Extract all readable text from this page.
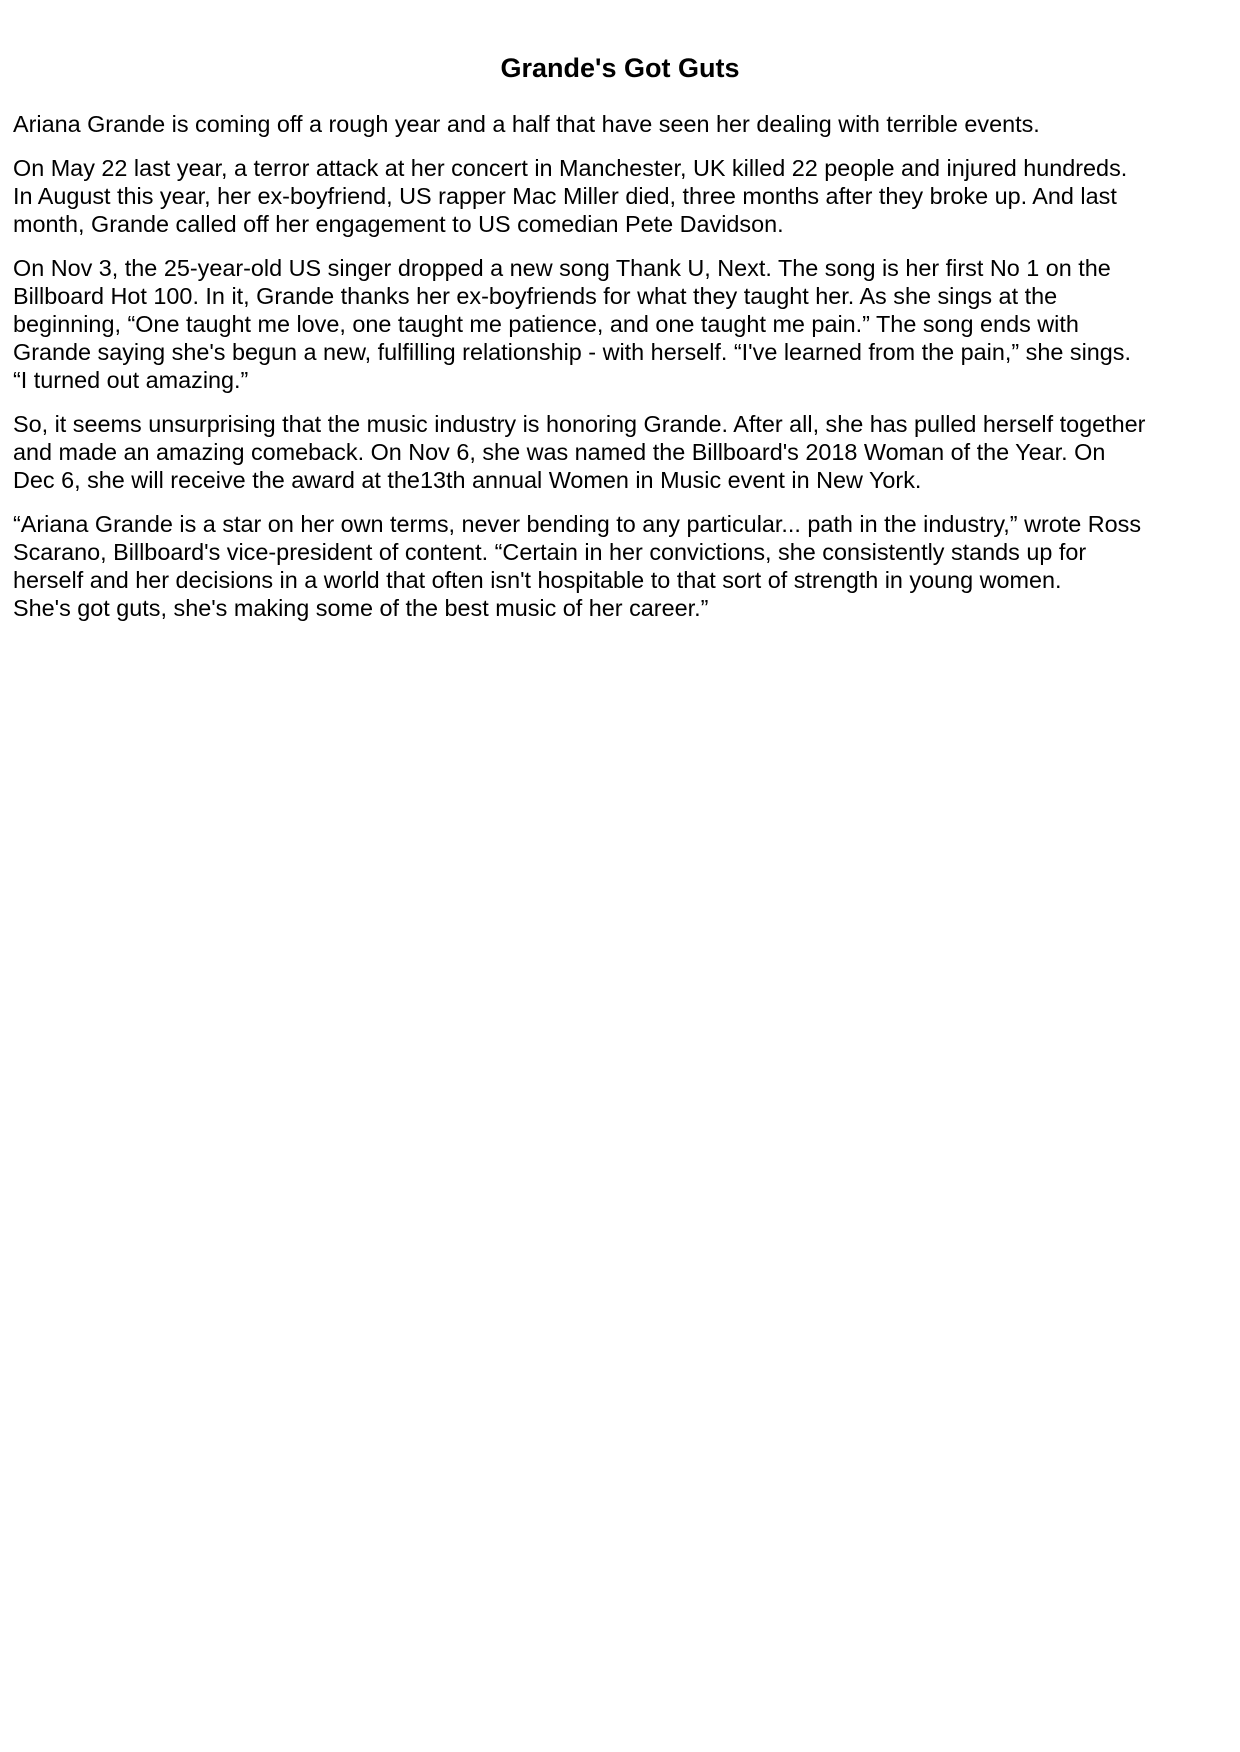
Grande's Got Guts

Ariana Grande is coming off a rough year and a half that have seen her dealing with terrible events.

On May 22 last year, a terror attack at her concert in Manchester, UK killed 22 people and injured hundreds.
In August this year, her ex-boyfriend, US rapper Mac Miller died, three months after they broke up. And last
month, Grande called off her engagement to US comedian Pete Davidson.

On Nov 3, the 25-year-old US singer dropped a new song Thank U, Next. The song is her first No 1 on the
Billboard Hot 100. In it, Grande thanks her ex-boyfriends for what they taught her. As she sings at the
beginning, “One taught me love, one taught me patience, and one taught me pain.” The song ends with
Grande saying she's begun a new, fulfilling relationship - with herself. “I've learned from the pain,” she sings.
“I turned out amazing.”

So, it seems unsurprising that the music industry is honoring Grande. After all, she has pulled herself together
and made an amazing comeback. On Nov 6, she was named the Billboard's 2018 Woman of the Year. On
Dec 6, she will receive the award at the13th annual Women in Music event in New York.

“Ariana Grande is a star on her own terms, never bending to any particular... path in the industry,” wrote Ross
Scarano, Billboard's vice-president of content. “Certain in her convictions, she consistently stands up for
herself and her decisions in a world that often isn't hospitable to that sort of strength in young women.
She's got guts, she's making some of the best music of her career.”
